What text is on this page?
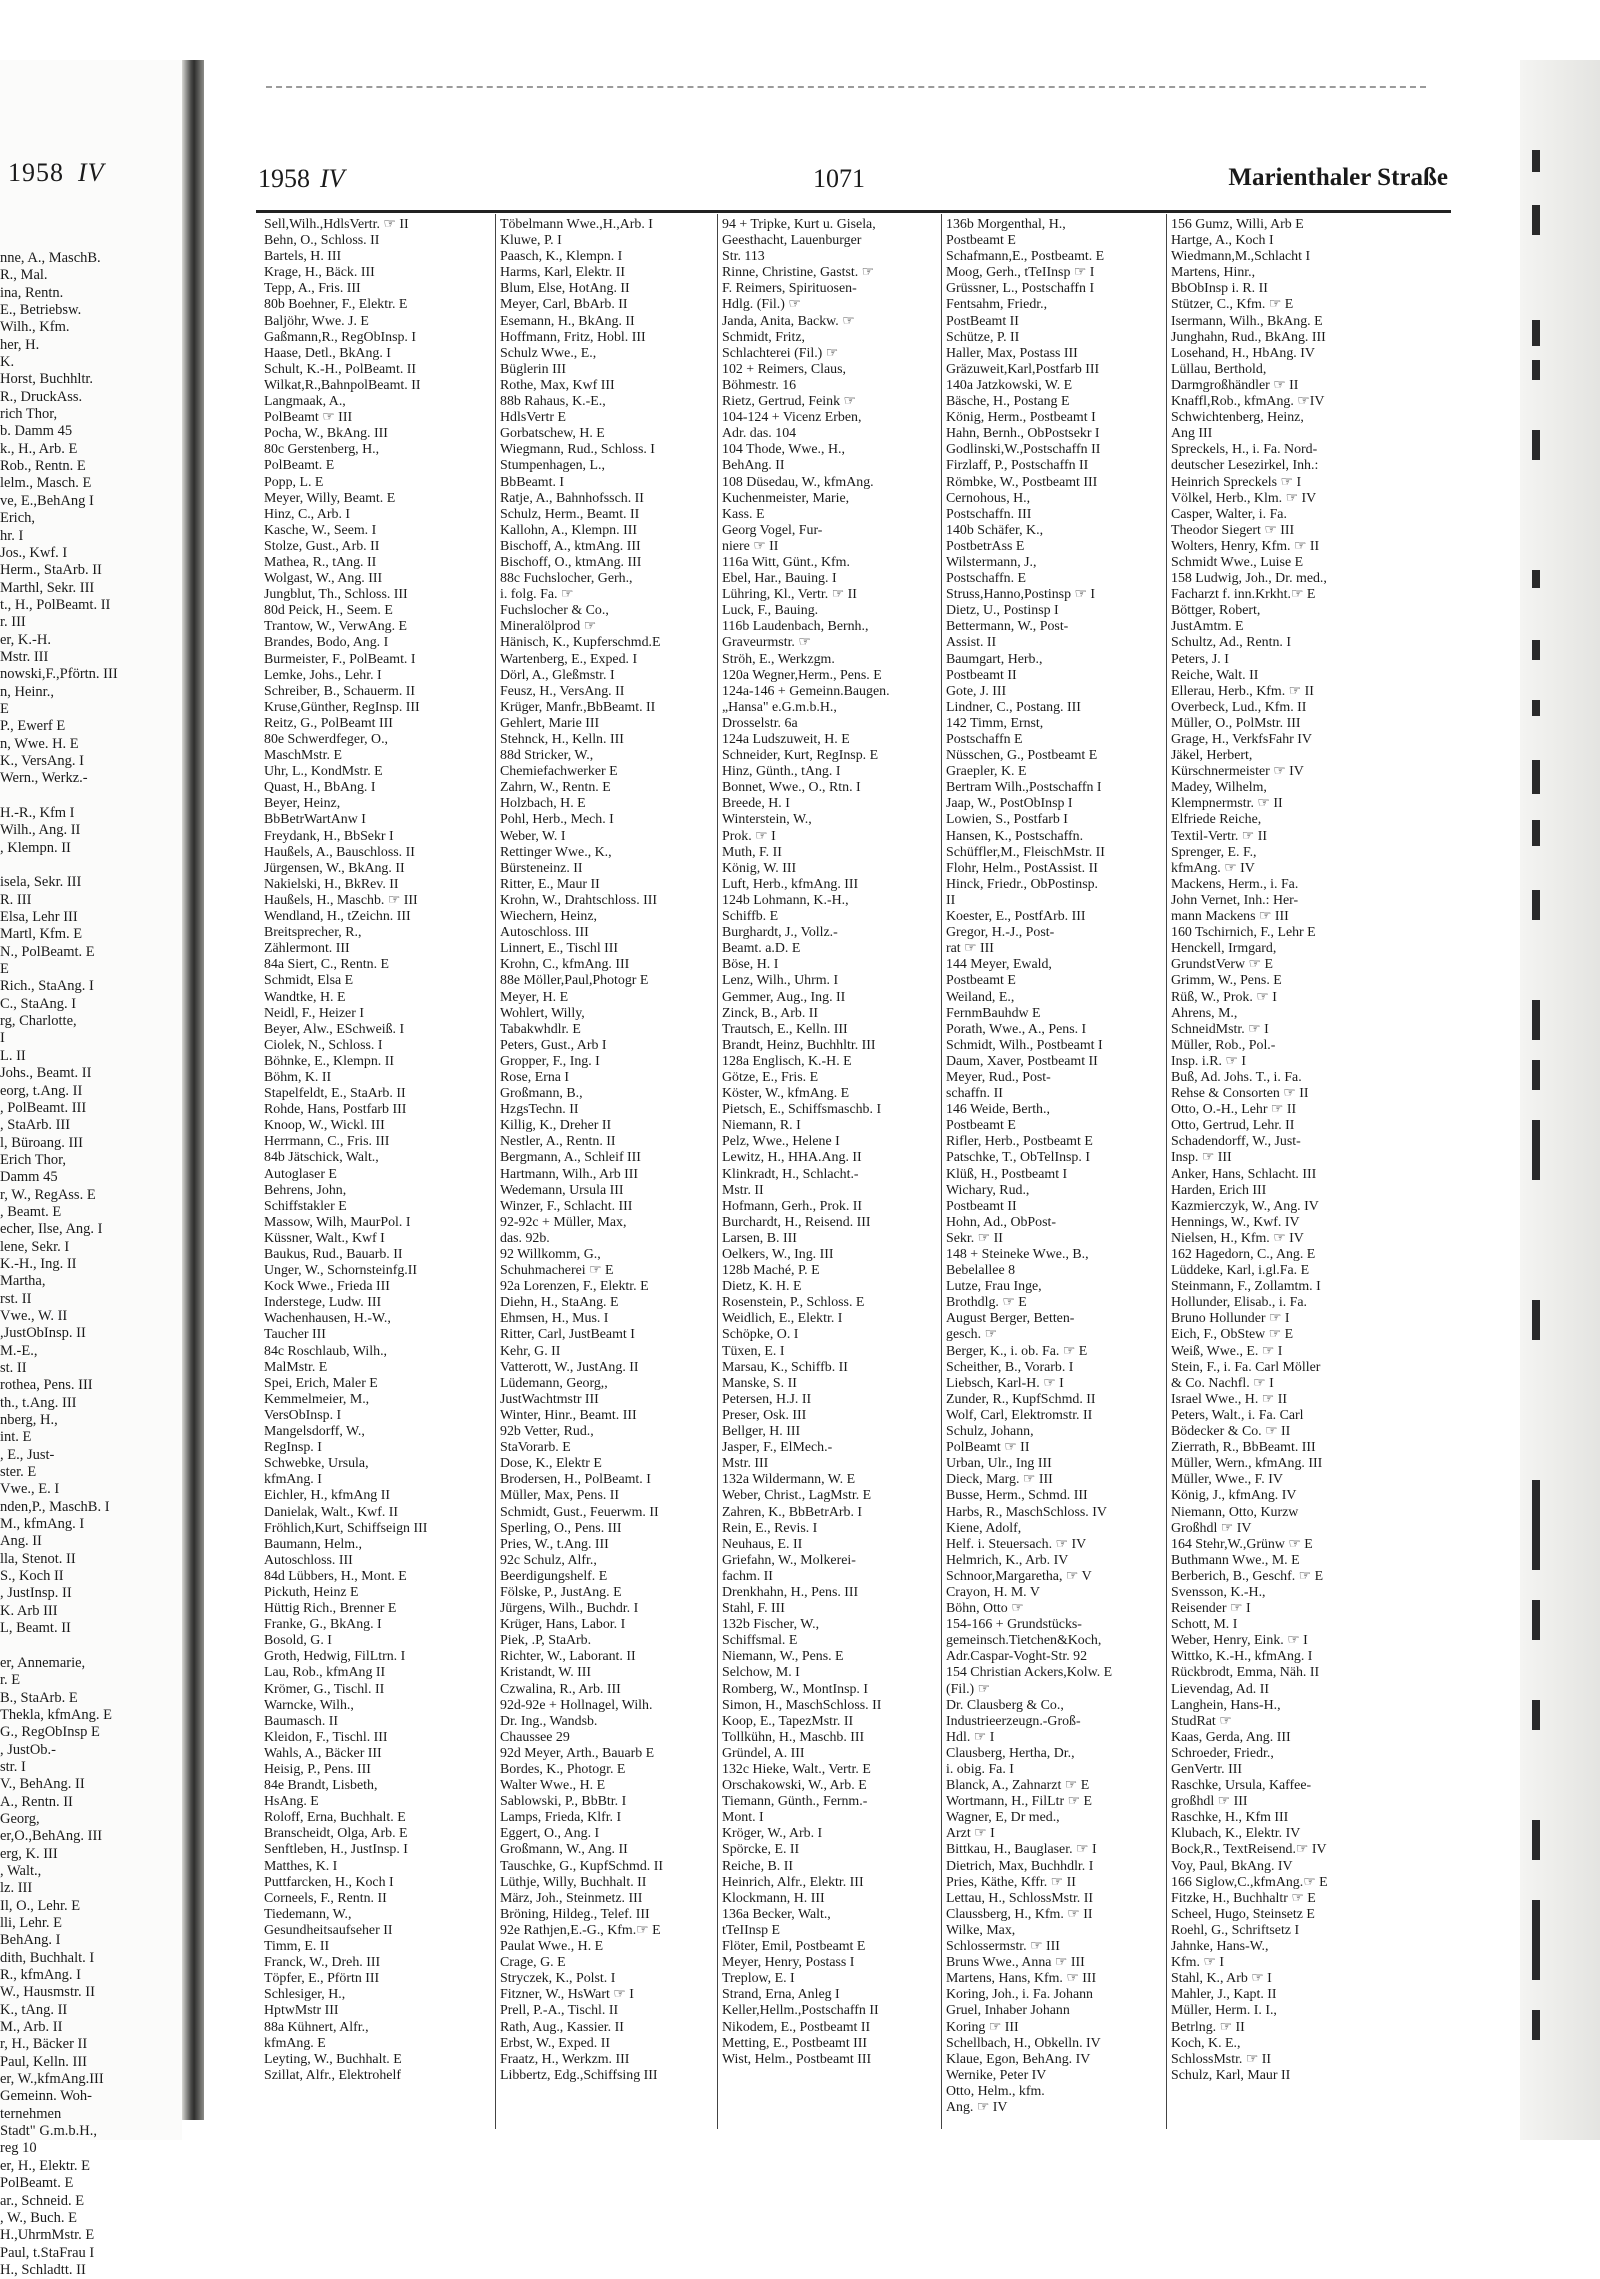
1958 IV
nne, A., MaschB.
R., Mal.
ina, Rentn.
E., Betriebsw.
Wilh., Kfm.
her, H.
K.
Horst, Buchhltr.
R., DruckAss.
rich Thor,
b. Damm 45
k., H., Arb. E
Rob., Rentn. E
lelm., Masch. E
ve, E.,BehAng I
Erich,
hr. I
Jos., Kwf. I
Herm., StaArb. II
Marthl, Sekr. III
t., H., PolBeamt. II
r. III
er, K.-H.
Mstr. III
nowski,F.,Pförtn. III
n, Heinr.,
E
P., Ewerf E
n, Wwe. H. E
K., VersAng. I
Wern., Werkz.-
H.-R., Kfm I
Wilh., Ang. II
, Klempn. II
isela, Sekr. III
R. III
Elsa, Lehr III
Martl, Kfm. E
N., PolBeamt. E
E
Rich., StaAng. I
C., StaAng. I
rg, Charlotte,
I
L. II
Johs., Beamt. II
eorg, t.Ang. II
, PolBeamt. III
, StaArb. III
l, Büroang. III
Erich Thor,
Damm 45
r, W., RegAss. E
, Beamt. E
echer, Ilse, Ang. I
lene, Sekr. I
K.-H., Ing. II
Martha,
rst. II
Vwe., W. II
,JustObInsp. II
M.-E.,
st. II
rothea, Pens. III
th., t.Ang. III
nberg, H.,
int. E
, E., Just-
ster. E
Vwe., E. I
nden,P., MaschB. I
M., kfmAng. I
Ang. II
lla, Stenot. II
S., Koch II
, JustInsp. II
K. Arb III
L, Beamt. II
er, Annemarie,
r. E
B., StaArb. E
Thekla, kfmAng. E
G., RegObInsp E
, JustOb.-
str. I
V., BehAng. II
A., Rentn. II
Georg,
er,O.,BehAng. III
erg, K. III
, Walt.,
lz. III
Il, O., Lehr. E
lli, Lehr. E
BehAng. I
dith, Buchhalt. I
R., kfmAng. I
W., Hausmstr. II
K., tAng. II
M., Arb. II
r, H., Bäcker II
Paul, Kelln. III
er, W.,kfmAng.III
Gemeinn. Woh-
ternehmen
Stadt" G.m.b.H.,
reg 10
er, H., Elektr. E
PolBeamt. E
ar., Schneid. E
, W., Buch. E
H.,UhrmMstr. E
Paul, t.StaFrau I
H., Schladtt. II
1958 IV	1071	Marienthaler Straße
Sell,Wilh.,HdlsVertr. ☞ II
Behn, O., Schloss. II
Bartels, H. III
Krage, H., Bäck. III
Tepp, A., Fris. III
80b Boehner, F., Elektr. E
Baljöhr, Wwe. J. E
Gaßmann,R., RegObInsp. I
Haase, Detl., BkAng. I
Schult, K.-H., PolBeamt. II
Wilkat,R.,BahnpolBeamt. II
Langmaak, A.,
PolBeamt ☞ III
Pocha, W., BkAng. III
80c Gerstenberg, H.,
PolBeamt. E
Popp, L. E
Meyer, Willy, Beamt. E
Hinz, C., Arb. I
Kasche, W., Seem. I
Stolze, Gust., Arb. II
Mathea, R., tAng. II
Wolgast, W., Ang. III
Jungblut, Th., Schloss. III
80d Peick, H., Seem. E
Trantow, W., VerwAng. E
Brandes, Bodo, Ang. I
Burmeister, F., PolBeamt. I
Lemke, Johs., Lehr. I
Schreiber, B., Schauerm. II
Kruse,Günther, RegInsp. III
Reitz, G., PolBeamt III
80e Schwerdfeger, O.,
MaschMstr. E
Uhr, L., KondMstr. E
Quast, H., BbAng. I
Beyer, Heinz,
BbBetrWartAnw I
Freydank, H., BbSekr I
Haußels, A., Bauschloss. II
Jürgensen, W., BkAng. II
Nakielski, H., BkRev. II
Haußels, H., Maschb. ☞ III
Wendland, H., tZeichn. III
Breitsprecher, R.,
Zählermont. III
84a Siert, C., Rentn. E
Schmidt, Elsa E
Wandtke, H. E
Neidl, F., Heizer I
Beyer, Alw., ESchweiß. I
Ciolek, N., Schloss. I
Böhnke, E., Klempn. II
Böhm, K. II
Stapelfeldt, E., StaArb. II
Rohde, Hans, Postfarb III
Knoop, W., Wickl. III
Herrmann, C., Fris. III
84b Jätschick, Walt.,
Autoglaser E
Behrens, John,
Schiffstakler E
Massow, Wilh, MaurPol. I
Küssner, Walt., Kwf I
Baukus, Rud., Bauarb. II
Unger, W., Schornsteinfg.II
Kock Wwe., Frieda III
Inderstege, Ludw. III
Wachenhausen, H.-W.,
Taucher III
84c Roschlaub, Wilh.,
MalMstr. E
Spei, Erich, Maler E
Kemmelmeier, M.,
VersObInsp. I
Mangelsdorff, W.,
RegInsp. I
Schwebke, Ursula,
kfmAng. I
Eichler, H., kfmAng II
Danielak, Walt., Kwf. II
Fröhlich,Kurt, Schiffseign III
Baumann, Helm.,
Autoschloss. III
84d Lübbers, H., Mont. E
Pickuth, Heinz E
Hüttig Rich., Brenner E
Franke, G., BkAng. I
Bosold, G. I
Groth, Hedwig, FilLtrn. I
Lau, Rob., kfmAng II
Krömer, G., Tischl. II
Warncke, Wilh.,
Baumasch. II
Kleidon, F., Tischl. III
Wahls, A., Bäcker III
Heisig, P., Pens. III
84e Brandt, Lisbeth,
HsAng. E
Roloff, Erna, Buchhalt. E
Branscheidt, Olga, Arb. E
Senftleben, H., JustInsp. I
Matthes, K. I
Puttfarcken, H., Koch I
Corneels, F., Rentn. II
Tiedemann, W.,
Gesundheitsaufseher II
Timm, E. II
Franck, W., Dreh. III
Töpfer, E., Pförtn III
Schlesiger, H.,
HptwMstr III
88a Kühnert, Alfr.,
kfmAng. E
Leyting, W., Buchhalt. E
Szillat, Alfr., Elektrohelf
Töbelmann Wwe.,H.,Arb. I
Kluwe, P. I
Paasch, K., Klempn. I
Harms, Karl, Elektr. II
Blum, Else, HotAng. II
Meyer, Carl, BbArb. II
Esemann, H., BkAng. II
Hoffmann, Fritz, Hobl. III
Schulz Wwe., E.,
Büglerin III
Rothe, Max, Kwf III
88b Rahaus, K.-E.,
HdlsVertr E
Gorbatschew, H. E
Wiegmann, Rud., Schloss. I
Stumpenhagen, L.,
BbBeamt. I
Ratje, A., Bahnhofssch. II
Schulz, Herm., Beamt. II
Kallohn, A., Klempn. III
Bischoff, A., ktmAng. III
Bischoff, O., ktmAng. III
88c Fuchslocher, Gerh.,
i. folg. Fa. ☞
Fuchslocher & Co.,
Mineralölprod ☞
Hänisch, K., Kupferschmd.E
Wartenberg, E., Exped. I
Dörl, A., Gleßmstr. I
Feusz, H., VersAng. II
Krüger, Manfr.,BbBeamt. II
Gehlert, Marie III
Stehnck, H., Kelln. III
88d Stricker, W.,
Chemiefachwerker E
Zahrn, W., Rentn. E
Holzbach, H. E
Pohl, Herb., Mech. I
Weber, W. I
Rettinger Wwe., K.,
Bürsteneinz. II
Ritter, E., Maur II
Krohn, W., Drahtschloss. III
Wiechern, Heinz,
Autoschloss. III
Linnert, E., Tischl III
Krohn, C., kfmAng. III
88e Möller,Paul,Photogr E
Meyer, H. E
Wohlert, Willy,
Tabakwhdlr. E
Peters, Gust., Arb I
Gropper, F., Ing. I
Rose, Erna I
Großmann, B.,
HzgsTechn. II
Killig, K., Dreher II
Nestler, A., Rentn. II
Bergmann, A., Schleif III
Hartmann, Wilh., Arb III
Wedemann, Ursula III
Winzer, F., Schlacht. III
92-92c + Müller, Max,
das. 92b.
92 Willkomm, G.,
Schuhmacherei ☞ E
92a Lorenzen, F., Elektr. E
Diehn, H., StaAng. E
Ehmsen, H., Mus. I
Ritter, Carl, JustBeamt I
Kehr, G. II
Vatterott, W., JustAng. II
Lüdemann, Georg,,
JustWachtmstr III
Winter, Hinr., Beamt. III
92b Vetter, Rud.,
StaVorarb. E
Dose, K., Elektr E
Brodersen, H., PolBeamt. I
Müller, Max, Pens. II
Schmidt, Gust., Feuerwm. II
Sperling, O., Pens. III
Pries, W., t.Ang. III
92c Schulz, Alfr.,
Beerdigungshelf. E
Fölske, P., JustAng. E
Jürgens, Wilh., Buchdr. I
Krüger, Hans, Labor. I
Piek, .P, StaArb.
Richter, W., Laborant. II
Kristandt, W. III
Czwalina, R., Arb. III
92d-92e + Hollnagel, Wilh.
Dr. Ing., Wandsb.
Chaussee 29
92d Meyer, Arth., Bauarb E
Bordes, K., Photogr. E
Walter Wwe., H. E
Sablowski, P., BbBtr. I
Lamps, Frieda, Klfr. I
Eggert, O., Ang. I
Großmann, W., Ang. II
Tauschke, G., KupfSchmd. II
Lüthje, Willy, Buchhalt. II
März, Joh., Steinmetz. III
Bröning, Hildeg., Telef. III
92e Rathjen,E.-G., Kfm.☞ E
Paulat Wwe., H. E
Crage, G. E
Stryczek, K., Polst. I
Fitzner, W., HsWart ☞ I
Prell, P.-A., Tischl. II
Rath, Aug., Kassier. II
Erbst, W., Exped. II
Fraatz, H., Werkzm. III
Libbertz, Edg.,Schiffsing III
94 + Tripke, Kurt u. Gisela,
Geesthacht, Lauenburger
Str. 113
Rinne, Christine, Gastst. ☞
F. Reimers, Spirituosen-
Hdlg. (Fil.) ☞
Janda, Anita, Backw. ☞
Schmidt, Fritz,
Schlachterei (Fil.) ☞
102 + Reimers, Claus,
Böhmestr. 16
Rietz, Gertrud, Feink ☞
104-124 + Vicenz Erben,
Adr. das. 104
104 Thode, Wwe., H.,
BehAng. II
108 Düsedau, W., kfmAng.
Kuchenmeister, Marie,
Kass. E
Georg Vogel, Fur-
niere ☞ II
116a Witt, Günt., Kfm.
Ebel, Har., Bauing. I
Lühring, Kl., Vertr. ☞ II
Luck, F., Bauing.
116b Laudenbach, Bernh.,
Graveurmstr. ☞
Ströh, E., Werkzgm.
120a Wegner,Herm., Pens. E
124a-146 + Gemeinn.Baugen.
„Hansa" e.G.m.b.H.,
Drosselstr. 6a
124a Ludszuweit, H. E
Schneider, Kurt, RegInsp. E
Hinz, Günth., tAng. I
Bonnet, Wwe., O., Rtn. I
Breede, H. I
Winterstein, W.,
Prok. ☞ I
Muth, F. II
König, W. III
Luft, Herb., kfmAng. III
124b Lohmann, K.-H.,
Schiffb. E
Burghardt, J., Vollz.-
Beamt. a.D. E
Böse, H. I
Lenz, Wilh., Uhrm. I
Gemmer, Aug., Ing. II
Zinck, B., Arb. II
Trautsch, E., Kelln. III
Brandt, Heinz, Buchhltr. III
128a Englisch, K.-H. E
Götze, E., Fris. E
Köster, W., kfmAng. E
Pietsch, E., Schiffsmaschb. I
Niemann, R. I
Pelz, Wwe., Helene I
Lewitz, H., HHA.Ang. II
Klinkradt, H., Schlacht.-
Mstr. II
Hofmann, Gerh., Prok. II
Burchardt, H., Reisend. III
Larsen, B. III
Oelkers, W., Ing. III
128b Maché, P. E
Dietz, K. H. E
Rosenstein, P., Schloss. E
Weidlich, E., Elektr. I
Schöpke, O. I
Tüxen, E. I
Marsau, K., Schiffb. II
Manske, S. II
Petersen, H.J. II
Preser, Osk. III
Bellger, H. III
Jasper, F., ElMech.-
Mstr. III
132a Wildermann, W. E
Weber, Christ., LagMstr. E
Zahren, K., BbBetrArb. I
Rein, E., Revis. I
Neuhaus, E. II
Griefahn, W., Molkerei-
fachm. II
Drenkhahn, H., Pens. III
Stahl, F. III
132b Fischer, W.,
Schiffsmal. E
Niemann, W., Pens. E
Selchow, M. I
Romberg, W., MontInsp. I
Simon, H., MaschSchloss. II
Koop, E., TapezMstr. II
Tollkühn, H., Maschb. III
Gründel, A. III
132c Hieke, Walt., Vertr. E
Orschakowski, W., Arb. E
Tiemann, Günth., Fernm.-
Mont. I
Kröger, W., Arb. I
Spörcke, E. II
Reiche, B. II
Heinrich, Alfr., Elektr. III
Klockmann, H. III
136a Becker, Walt.,
tTeIInsp E
Flöter, Emil, Postbeamt E
Meyer, Henry, Postass I
Treplow, E. I
Strand, Erna, Anleg I
Keller,Hellm.,Postschaffn II
Nikodem, E., Postbeamt II
Metting, E., Postbeamt III
Wist, Helm., Postbeamt III
136b Morgenthal, H.,
Postbeamt E
Schafmann,E., Postbeamt. E
Moog, Gerh., tTeIInsp ☞ I
Grüssner, L., Postschaffn I
Fentsahm, Friedr.,
PostBeamt II
Schütze, P. II
Haller, Max, Postass III
Gräzuweit,Karl,Postfarb III
140a Jatzkowski, W. E
Bäsche, H., Postang E
König, Herm., Postbeamt I
Hahn, Bernh., ObPostsekr I
Godlinski,W.,Postschaffn II
Firzlaff, P., Postschaffn II
Römbke, W., Postbeamt III
Cernohous, H.,
Postschaffn. III
140b Schäfer, K.,
PostbetrAss E
Wilstermann, J.,
Postschaffn. E
Struss,Hanno,Postinsp ☞ I
Dietz, U., Postinsp I
Bettermann, W., Post-
Assist. II
Baumgart, Herb.,
Postbeamt II
Gote, J. III
Lindner, C., Postang. III
142 Timm, Ernst,
Postschaffn E
Nüsschen, G., Postbeamt E
Graepler, K. E
Bertram Wilh.,Postschaffn I
Jaap, W., PostObInsp I
Lowien, S., Postfarb I
Hansen, K., Postschaffn.
Schüffler,M., FleischMstr. II
Flohr, Helm., PostAssist. II
Hinck, Friedr., ObPostinsp.
II
Koester, E., PostfArb. III
Gregor, H.-J., Post-
rat ☞ III
144 Meyer, Ewald,
Postbeamt E
Weiland, E.,
FernmBauhdw E
Porath, Wwe., A., Pens. I
Schmidt, Wilh., Postbeamt I
Daum, Xaver, Postbeamt II
Meyer, Rud., Post-
schaffn. II
146 Weide, Berth.,
Postbeamt E
Rifler, Herb., Postbeamt E
Patschke, T., ObTelInsp. I
Klüß, H., Postbeamt I
Wichary, Rud.,
Postbeamt II
Hohn, Ad., ObPost-
Sekr. ☞ II
148 + Steineke Wwe., B.,
Bebelallee 8
Lutze, Frau Inge,
Brothdlg. ☞ E
August Berger, Betten-
gesch. ☞
Berger, K., i. ob. Fa. ☞ E
Scheither, B., Vorarb. I
Liebsch, Karl-H. ☞ I
Zunder, R., KupfSchmd. II
Wolf, Carl, Elektromstr. II
Schulz, Johann,
PolBeamt ☞ II
Urban, Ulr., Ing III
Dieck, Marg. ☞ III
Busse, Herm., Schmd. III
Harbs, R., MaschSchloss. IV
Kiene, Adolf,
Helf. i. Steuersach. ☞ IV
Helmrich, K., Arb. IV
Schnoor,Margaretha, ☞ V
Crayon, H. M. V
Böhn, Otto ☞
154-166 + Grundstücks-
gemeinsch.Tietchen&Koch,
Adr.Caspar-Voght-Str. 92
154 Christian Ackers,Kolw. E
(Fil.) ☞
Dr. Clausberg & Co.,
Industrieerzeugn.-Groß-
Hdl. ☞ I
Clausberg, Hertha, Dr.,
i. obig. Fa. I
Blanck, A., Zahnarzt ☞ E
Wortmann, H., FilLtr ☞ E
Wagner, E, Dr med.,
Arzt ☞ I
Bittkau, H., Bauglaser. ☞ I
Dietrich, Max, Buchhdlr. I
Pries, Käthe, Kffr. ☞ II
Lettau, H., SchlossMstr. II
Claussberg, H., Kfm. ☞ II
Wilke, Max,
Schlossermstr. ☞ III
Bruns Wwe., Anna ☞ III
Martens, Hans, Kfm. ☞ III
Koring, Joh., i. Fa. Johann
Gruel, Inhaber Johann
Koring ☞ III
Schellbach, H., Obkelln. IV
Klaue, Egon, BehAng. IV
Wernike, Peter IV
Otto, Helm., kfm.
Ang. ☞ IV
156 Gumz, Willi, Arb E
Hartge, A., Koch I
Wiedmann,M.,Schlacht I
Martens, Hinr.,
BbObInsp i. R. II
Stützer, C., Kfm. ☞ E
Isermann, Wilh., BkAng. E
Junghahn, Rud., BkAng. III
Losehand, H., HbAng. IV
Lüllau, Berthold,
Darmgroßhändler ☞ II
Knaffl,Rob., kfmAng. ☞IV
Schwichtenberg, Heinz,
Ang III
Spreckels, H., i. Fa. Nord-
deutscher Lesezirkel, Inh.:
Heinrich Spreckels ☞ I
Völkel, Herb., Klm. ☞ IV
Casper, Walter, i. Fa.
Theodor Siegert ☞ III
Wolters, Henry, Kfm. ☞ II
Schmidt Wwe., Luise E
158 Ludwig, Joh., Dr. med.,
Facharzt f. inn.Krkht.☞ E
Böttger, Robert,
JustAmtm. E
Schultz, Ad., Rentn. I
Peters, J. I
Reiche, Walt. II
Ellerau, Herb., Kfm. ☞ II
Overbeck, Lud., Kfm. II
Müller, O., PolMstr. III
Grage, H., VerkfsFahr IV
Jäkel, Herbert,
Kürschnermeister ☞ IV
Madey, Wilhelm,
Klempnermstr. ☞ II
Elfriede Reiche,
Textil-Vertr. ☞ II
Sprenger, E. F.,
kfmAng. ☞ IV
Mackens, Herm., i. Fa.
John Vernet, Inh.: Her-
mann Mackens ☞ III
160 Tschirnich, F., Lehr E
Henckell, Irmgard,
GrundstVerw ☞ E
Grimm, W., Pens. E
Rüß, W., Prok. ☞ I
Ahrens, M.,
SchneidMstr. ☞ I
Müller, Rob., Pol.-
Insp. i.R. ☞ I
Buß, Ad. Johs. T., i. Fa.
Rehse & Consorten ☞ II
Otto, O.-H., Lehr ☞ II
Otto, Gertrud, Lehr. II
Schadendorff, W., Just-
Insp. ☞ III
Anker, Hans, Schlacht. III
Harden, Erich III
Kazmierczyk, W., Ang. IV
Hennings, W., Kwf. IV
Nielsen, H., Kfm. ☞ IV
162 Hagedorn, C., Ang. E
Lüddeke, Karl, i.gl.Fa. E
Steinmann, F., Zollamtm. I
Hollunder, Elisab., i. Fa.
Bruno Hollunder ☞ I
Eich, F., ObStew ☞ E
Weiß, Wwe., E. ☞ I
Stein, F., i. Fa. Carl Möller
& Co. Nachfl. ☞ I
Israel Wwe., H. ☞ II
Peters, Walt., i. Fa. Carl
Bödecker & Co. ☞ II
Zierrath, R., BbBeamt. III
Müller, Wern., kfmAng. III
Müller, Wwe., F. IV
König, J., kfmAng. IV
Niemann, Otto, Kurzw
Großhdl ☞ IV
164 Stehr,W.,Grünw ☞ E
Buthmann Wwe., M. E
Berberich, B., Geschf. ☞ E
Svensson, K.-H.,
Reisender ☞ I
Schott, M. I
Weber, Henry, Eink. ☞ I
Wittko, K.-H., kfmAng. I
Rückbrodt, Emma, Näh. II
Lievendag, Ad. II
Langhein, Hans-H.,
StudRat ☞
Kaas, Gerda, Ang. III
Schroeder, Friedr.,
GenVertr. III
Raschke, Ursula, Kaffee-
großhdl ☞ III
Raschke, H., Kfm III
Klubach, K., Elektr. IV
Bock,R., TextReisend.☞ IV
Voy, Paul, BkAng. IV
166 Siglow,C.,kfmAng.☞ E
Fitzke, H., Buchhaltr ☞ E
Scheel, Hugo, Steinsetz E
Roehl, G., Schriftsetz I
Jahnke, Hans-W.,
Kfm. ☞ I
Stahl, K., Arb ☞ I
Mahler, J., Kapt. II
Müller, Herm. I. I.,
Betrlng. ☞ II
Koch, K. E.,
SchlossMstr. ☞ II
Schulz, Karl, Maur II
